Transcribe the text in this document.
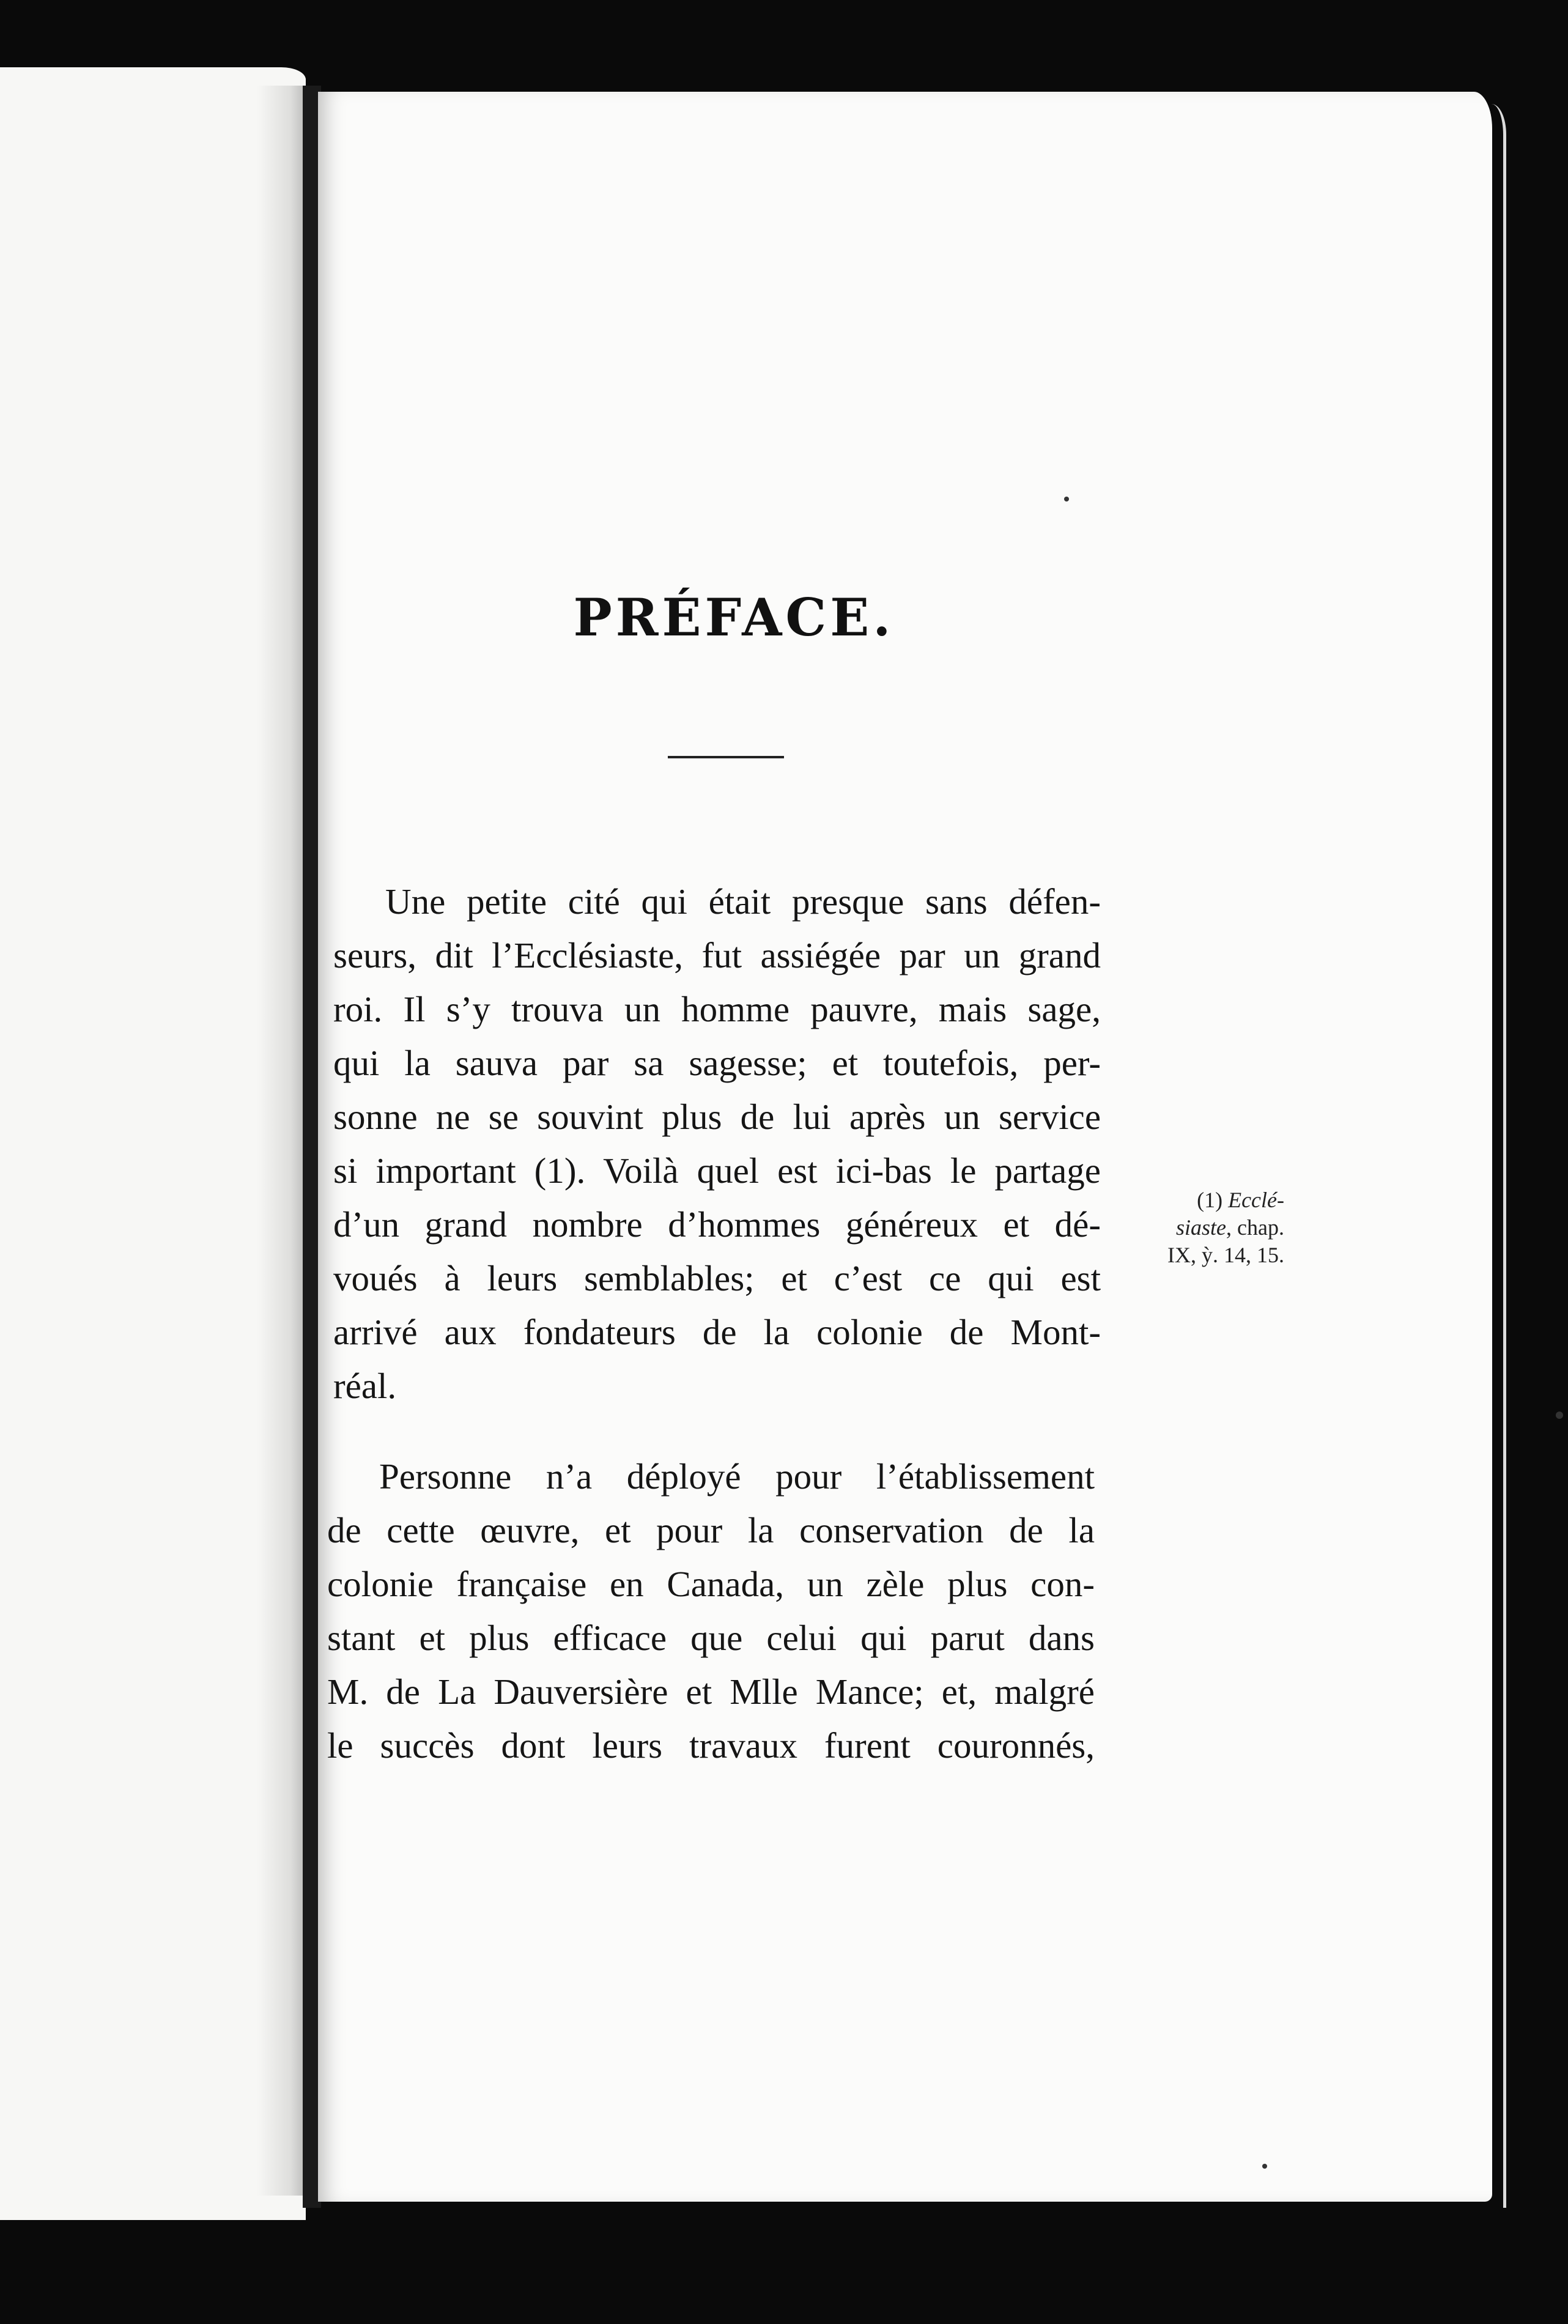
PRÉFACE.
Une petite cité qui était presque sans défen-
seurs, dit l’Ecclésiaste, fut assiégée par un grand
roi. Il s’y trouva un homme pauvre, mais sage,
qui la sauva par sa sagesse; et toutefois, per-
sonne ne se souvint plus de lui après un service
si important (1). Voilà quel est ici-bas le partage
d’un grand nombre d’hommes généreux et dé-
voués à leurs semblables; et c’est ce qui est
arrivé aux fondateurs de la colonie de Mont-
réal.
(1) Ecclé-
siaste, chap.
IX, ỳ. 14, 15.
Personne n’a déployé pour l’établissement
de cette œuvre, et pour la conservation de la
colonie française en Canada, un zèle plus con-
stant et plus efficace que celui qui parut dans
M. de La Dauversière et Mlle Mance; et, malgré
le succès dont leurs travaux furent couronnés,
